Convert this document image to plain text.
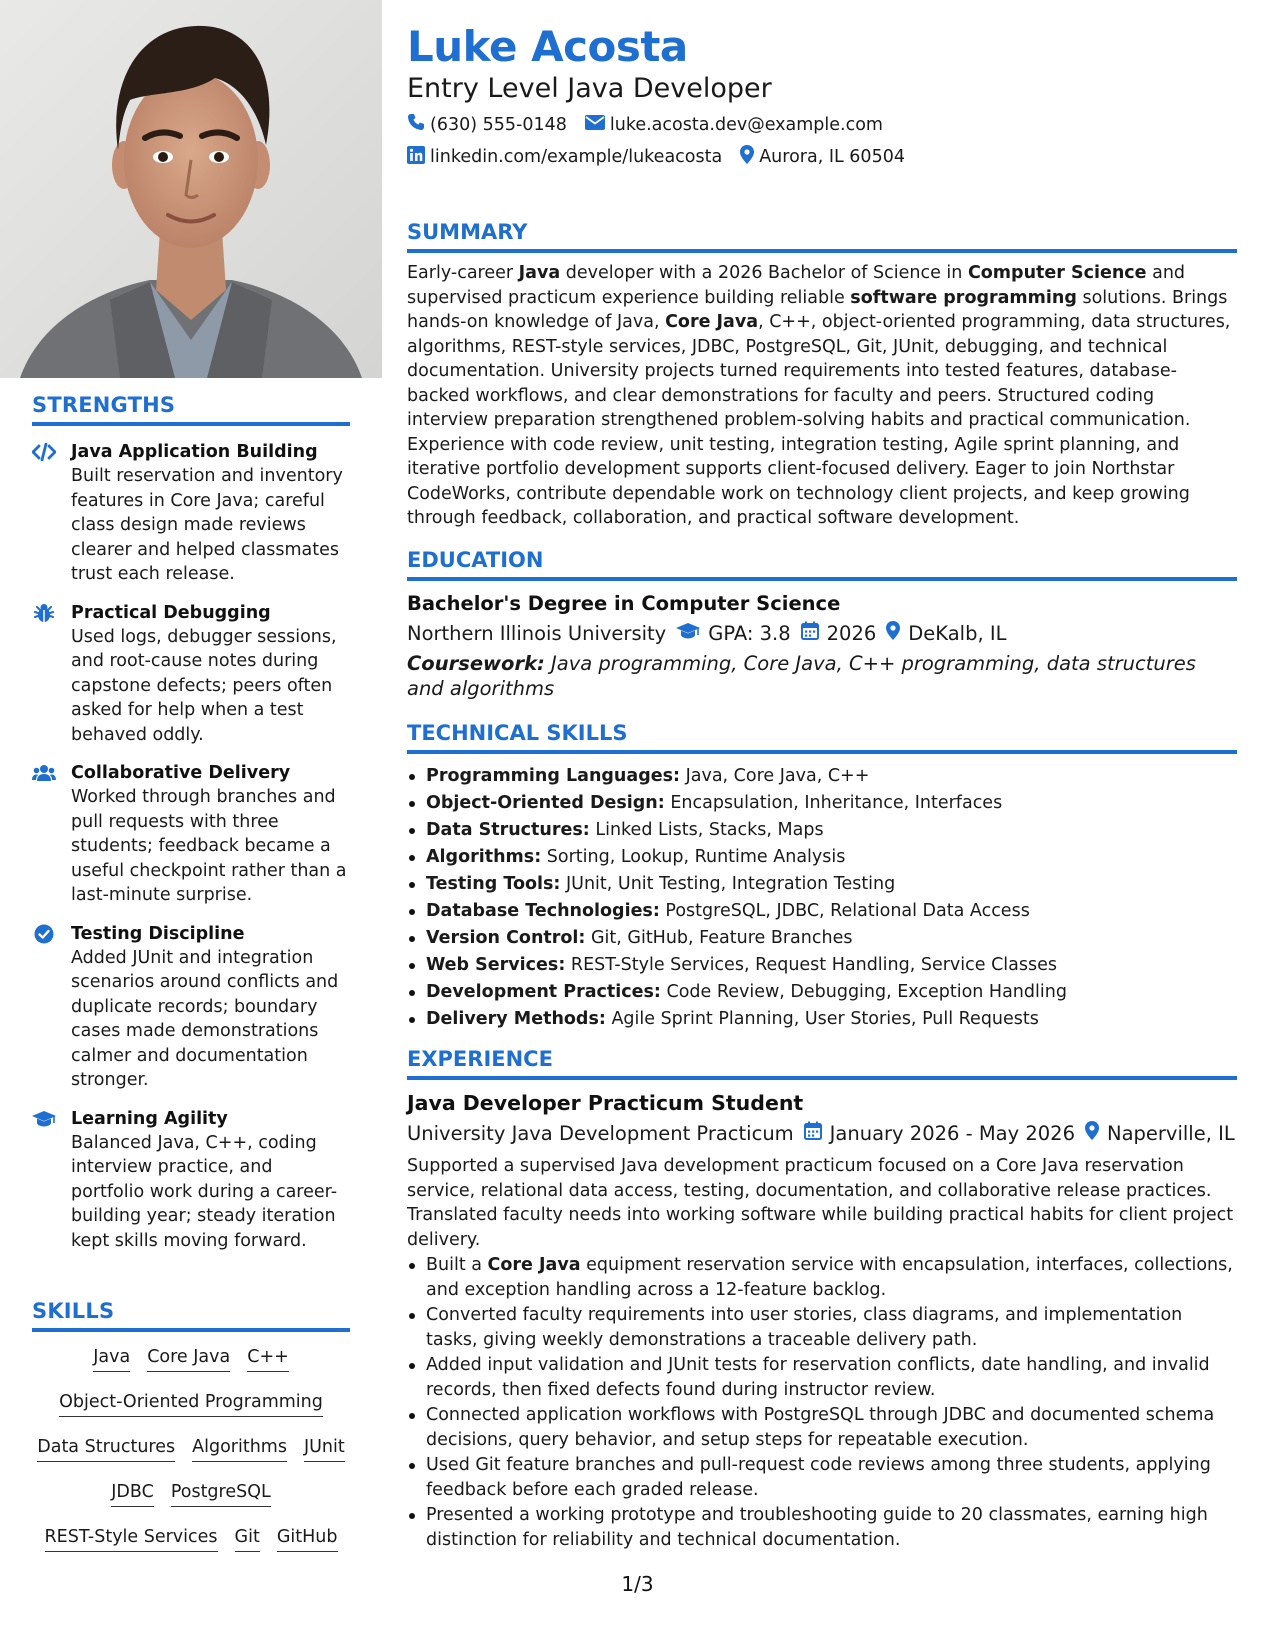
STRENGTHS
Java Application Building
Built reservation and inventory features in Core Java; careful class design made reviews clearer and helped classmates trust each release.
Practical Debugging
Used logs, debugger sessions, and root-cause notes during capstone defects; peers often asked for help when a test behaved oddly.
Collaborative Delivery
Worked through branches and pull requests with three students; feedback became a useful checkpoint rather than a last-minute surprise.
Testing Discipline
Added JUnit and integration scenarios around conflicts and duplicate records; boundary cases made demonstrations calmer and documentation stronger.
Learning Agility
Balanced Java, C++, coding interview practice, and portfolio work during a career-building year; steady iteration kept skills moving forward.
SKILLS
Java Core Java C++
Object-Oriented Programming
Data Structures Algorithms JUnit
JDBC PostgreSQL
REST-Style Services Git GitHub
Luke Acosta
Entry Level Java Developer
(630) 555-0148 luke.acosta.dev@example.com
linkedin.com/example/lukeacosta Aurora, IL 60504
SUMMARY
Early-career Java developer with a 2026 Bachelor of Science in Computer Science and supervised practicum experience building reliable software programming solutions. Brings hands-on knowledge of Java, Core Java, C++, object-oriented programming, data structures, algorithms, REST-style services, JDBC, PostgreSQL, Git, JUnit, debugging, and technical documentation. University projects turned requirements into tested features, database-backed workflows, and clear demonstrations for faculty and peers. Structured coding interview preparation strengthened problem-solving habits and practical communication. Experience with code review, unit testing, integration testing, Agile sprint planning, and iterative portfolio development supports client-focused delivery. Eager to join Northstar CodeWorks, contribute dependable work on technology client projects, and keep growing through feedback, collaboration, and practical software development.
EDUCATION
Bachelor's Degree in Computer Science
Northern Illinois University GPA: 3.8 2026 DeKalb, IL
Coursework: Java programming, Core Java, C++ programming, data structures and algorithms
TECHNICAL SKILLS
Programming Languages: Java, Core Java, C++
Object-Oriented Design: Encapsulation, Inheritance, Interfaces
Data Structures: Linked Lists, Stacks, Maps
Algorithms: Sorting, Lookup, Runtime Analysis
Testing Tools: JUnit, Unit Testing, Integration Testing
Database Technologies: PostgreSQL, JDBC, Relational Data Access
Version Control: Git, GitHub, Feature Branches
Web Services: REST-Style Services, Request Handling, Service Classes
Development Practices: Code Review, Debugging, Exception Handling
Delivery Methods: Agile Sprint Planning, User Stories, Pull Requests
EXPERIENCE
Java Developer Practicum Student
University Java Development Practicum January 2026 - May 2026 Naperville, IL
Supported a supervised Java development practicum focused on a Core Java reservation service, relational data access, testing, documentation, and collaborative release practices. Translated faculty needs into working software while building practical habits for client project delivery.
Built a Core Java equipment reservation service with encapsulation, interfaces, collections, and exception handling across a 12-feature backlog.
Converted faculty requirements into user stories, class diagrams, and implementation tasks, giving weekly demonstrations a traceable delivery path.
Added input validation and JUnit tests for reservation conflicts, date handling, and invalid records, then fixed defects found during instructor review.
Connected application workflows with PostgreSQL through JDBC and documented schema decisions, query behavior, and setup steps for repeatable execution.
Used Git feature branches and pull-request code reviews among three students, applying feedback before each graded release.
Presented a working prototype and troubleshooting guide to 20 classmates, earning high distinction for reliability and technical documentation.
1/3
